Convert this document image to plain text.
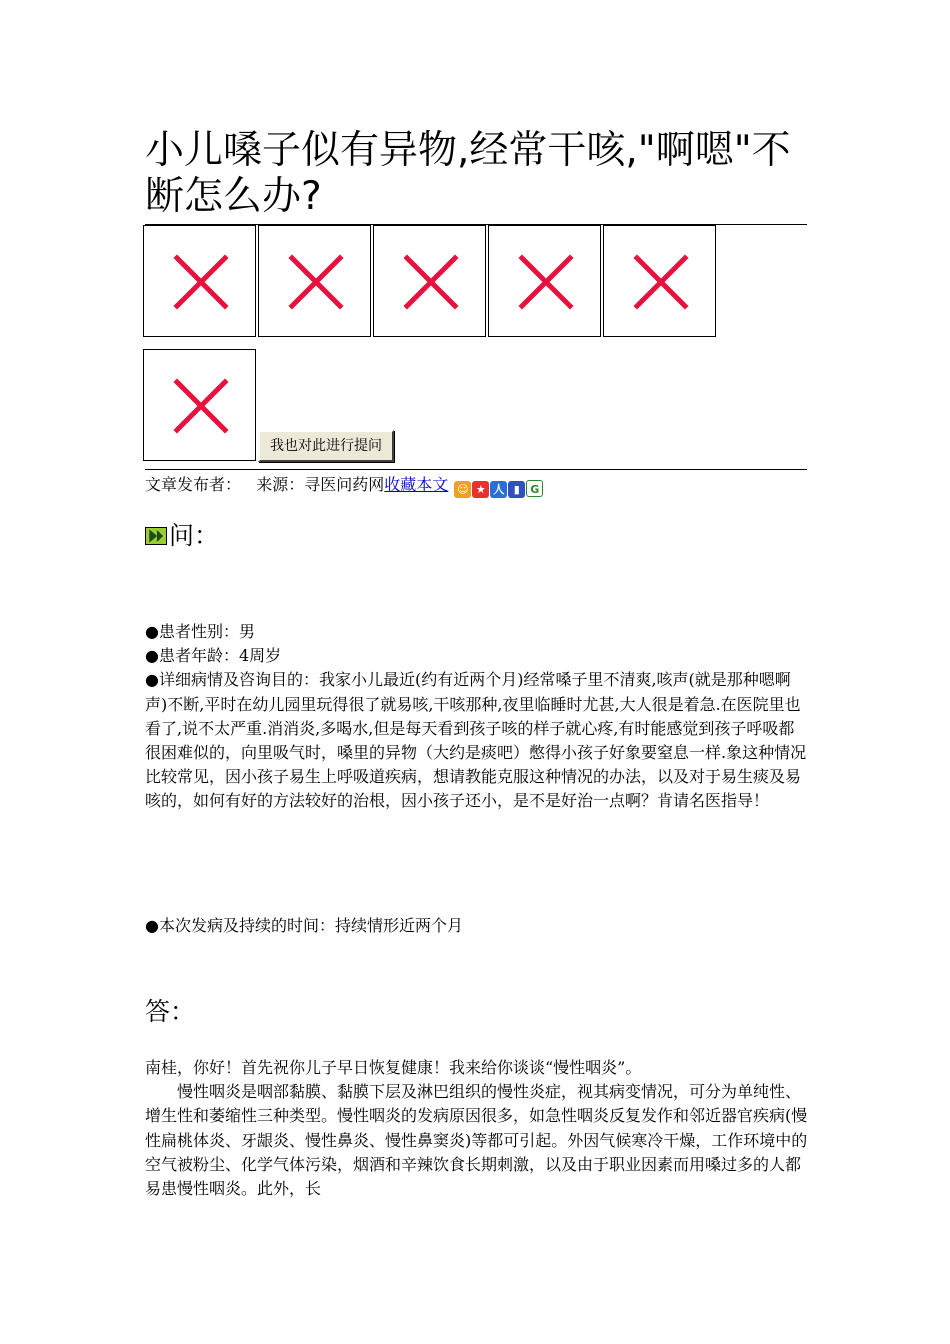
小儿嗓子似有异物,经常干咳,"啊嗯"不断怎么办?
我也对此进行提问
文章发布者： 来源：寻医问药网收藏本文 ☺ ★ 人 ▮ G
问：

●患者性别：男

●患者年龄：4周岁

●详细病情及咨询目的：我家小儿最近(约有近两个月)经常嗓子里不清爽,咳声(就是那种嗯啊声)不断,平时在幼儿园里玩得很了就易咳,干咳那种,夜里临睡时尤甚,大人很是着急.在医院里也看了,说不太严重.消消炎,多喝水,但是每天看到孩子咳的样子就心疼,有时能感觉到孩子呼吸都很困难似的，向里吸气时，嗓里的异物（大约是痰吧）憋得小孩子好象要窒息一样.象这种情况比较常见，因小孩子易生上呼吸道疾病，想请教能克服这种情况的办法，以及对于易生痰及易咳的，如何有好的方法较好的治根，因小孩子还小，是不是好治一点啊？肯请名医指导！

●本次发病及持续的时间：持续情形近两个月

答：

南桂，你好！首先祝你儿子早日恢复健康！我来给你谈谈“慢性咽炎”。

慢性咽炎是咽部黏膜、黏膜下层及淋巴组织的慢性炎症，视其病变情况，可分为单纯性、增生性和萎缩性三种类型。慢性咽炎的发病原因很多，如急性咽炎反复发作和邻近器官疾病(慢性扁桃体炎、牙龈炎、慢性鼻炎、慢性鼻窦炎)等都可引起。外因气候寒冷干燥，工作环境中的空气被粉尘、化学气体污染，烟酒和辛辣饮食长期刺激，以及由于职业因素而用嗓过多的人都易患慢性咽炎。此外，长
